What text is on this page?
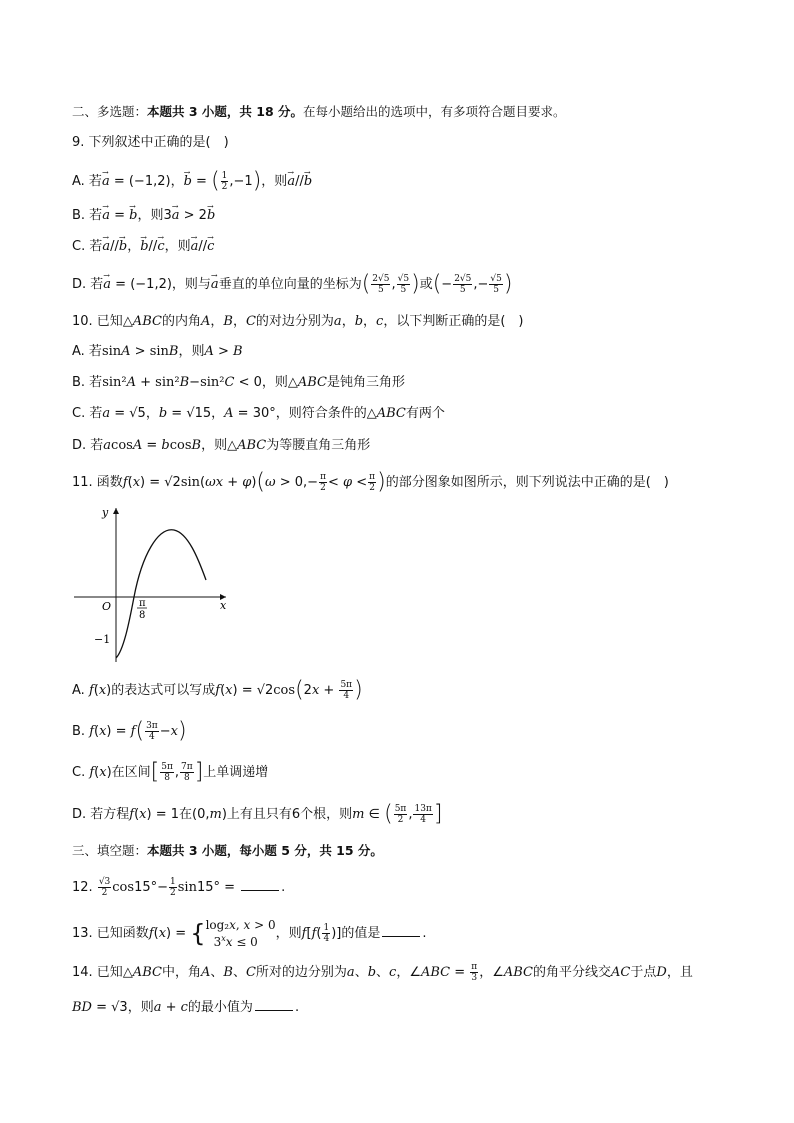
二、多选题：本题共 3 小题，共 18 分。在每小题给出的选项中，有多项符合题目要求。
9. 下列叙述中正确的是(　)
A. 若→ a = (−1,2)，→ b = ( $\frac{1}{2} ,-1$)，则→ a//→ b
B. 若→ a = → b，则3→ a > 2→ b
C. 若→ a//→ b，→ b//→ c，则→ a//→ c
D. 若→ a = (−1,2)，则与→ a垂直的单位向量的坐标为( $\frac{2√5}{5}$ , $\frac{√5}{5}$ )或(− $\frac{2√5}{5}$ ,− $\frac{√5}{5}$ )
10. 已知△ABC的内角A，B，C的对边分别为a，b，c，以下判断正确的是(　)
A. 若sinA > sinB，则A > B
B. 若sin²A + sin²B−sin²C < 0，则△ABC是钝角三角形
C. 若a = √5，b = √15，A = 30°，则符合条件的△ABC有两个
D. 若acosA = bcosB，则△ABC为等腰直角三角形
11. 函数$f(x) = √2\sin(\omega x + \varphi)(\omega > 0,- \frac{\pi}{2} < \varphi < \frac{\pi}{2}$ )的部分图象如图所示，则下列说法中正确的是(　)
y
x
O
−1
π
8
A. f(x)的表达式可以写成$f(x) = √2\cos(2x + \frac{5\pi}{4}$ )
B. $f(x) = f( \frac{3\pi}{4} -x)$
C. f(x)在区间[ $\frac{5\pi}{8}$ , $\frac{7\pi}{8}$ ]上单调递增
D. 若方程f(x) = 1在(0,m)上有且只有6个根，则m ∈ ( $\frac{5\pi}{2}$ , $\frac{13\pi}{4}$ ]
三、填空题：本题共 3 小题，每小题 5 分，共 15 分。
12. $\frac{√3}{2} \cos 15^\circ- \frac{1}{2} \sin 15^\circ$ =	.
13. 已知函数f(x) = { log₂x, x > 0
$3^xx \le 0$
，则$f[f( \frac{1}{4}$ )]的值是	.
14. 已知△ABC中，角A、B、C所对的边分别为a、b、c，∠ABC = $\frac{\pi}{3}$ ，∠ABC的角平分线交AC于点D，且
BD = √3，则a + c的最小值为	.
